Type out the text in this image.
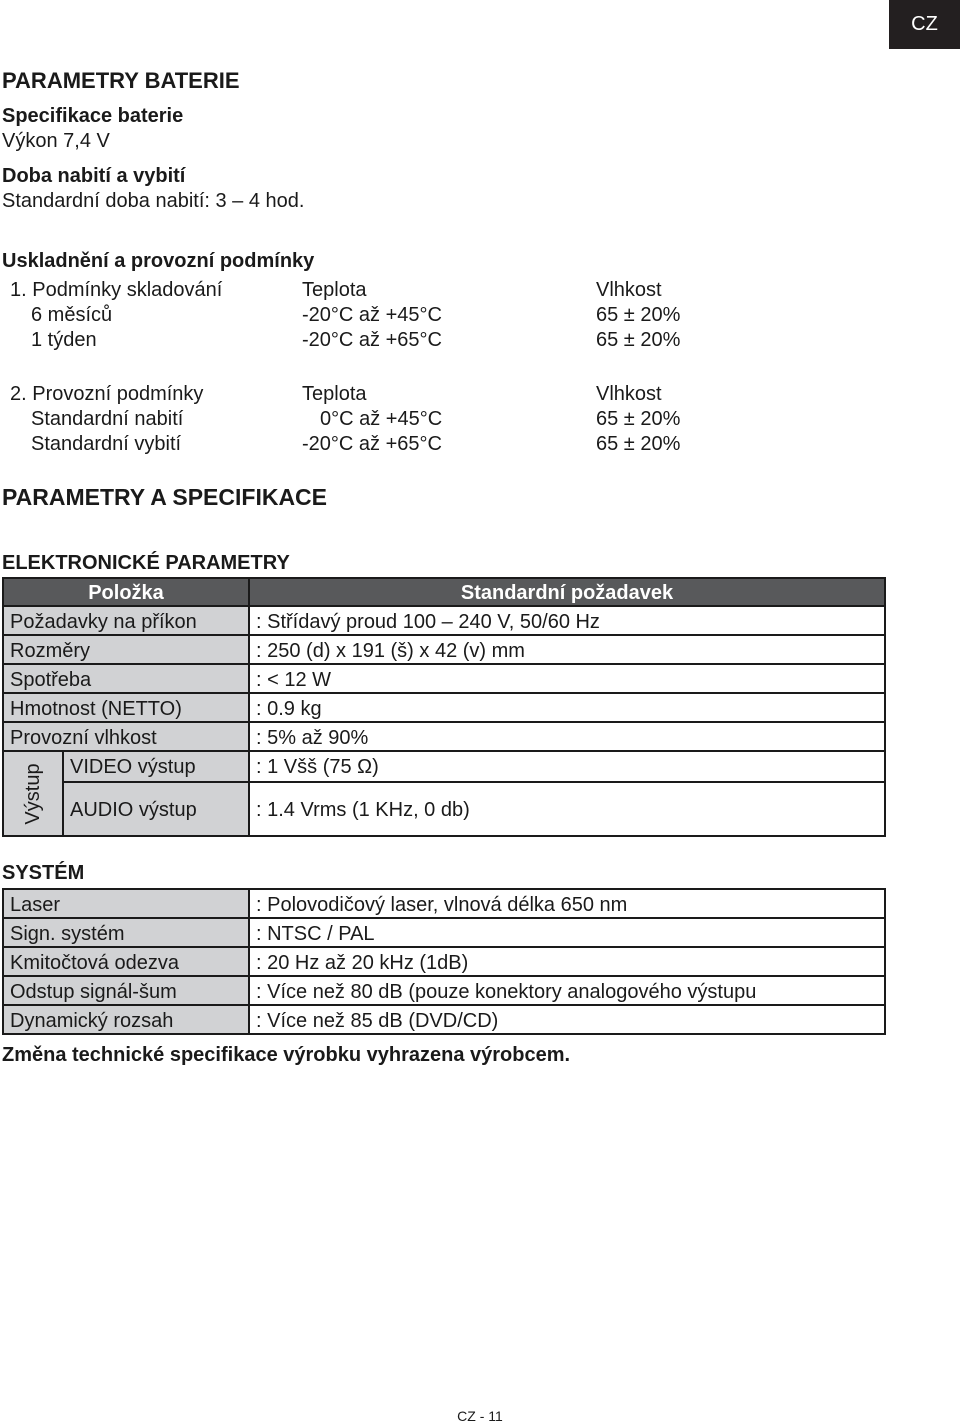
CZ
PARAMETRY BATERIE
Specifikace baterie
Výkon 7,4 V
Doba nabití a vybití
Standardní doba nabití: 3 – 4 hod.
Uskladnění a provozní podmínky
1. Podmínky skladování	Teplota	Vlhkost
6 měsíců	-20°C až +45°C	65 ± 20%
1 týden	-20°C až +65°C	65 ± 20%
2. Provozní podmínky	Teplota	Vlhkost
Standardní nabití	0°C až +45°C	65 ± 20%
Standardní vybití	-20°C až +65°C	65 ± 20%
PARAMETRY A SPECIFIKACE
ELEKTRONICKÉ PARAMETRY
Položka	Standardní požadavek
Požadavky na příkon	: Střídavý proud 100 – 240 V, 50/60 Hz
Rozměry	: 250 (d) x 191 (š) x 42 (v) mm
Spotřeba	: < 12 W
Hmotnost (NETTO)	: 0.9 kg
Provozní vlhkost	: 5% až 90%
Výstup VIDEO výstup	: 1 Všš (75 Ω)
AUDIO výstup	: 1.4 Vrms (1 KHz, 0 db)
SYSTÉM
Laser	: Polovodičový laser, vlnová délka 650 nm
Sign. systém	: NTSC / PAL
Kmitočtová odezva	: 20 Hz až 20 kHz (1dB)
Odstup signál-šum	: Více než 80 dB (pouze konektory analogového výstupu
Dynamický rozsah	: Více než 85 dB (DVD/CD)
Změna technické specifikace výrobku vyhrazena výrobcem.
CZ - 11
